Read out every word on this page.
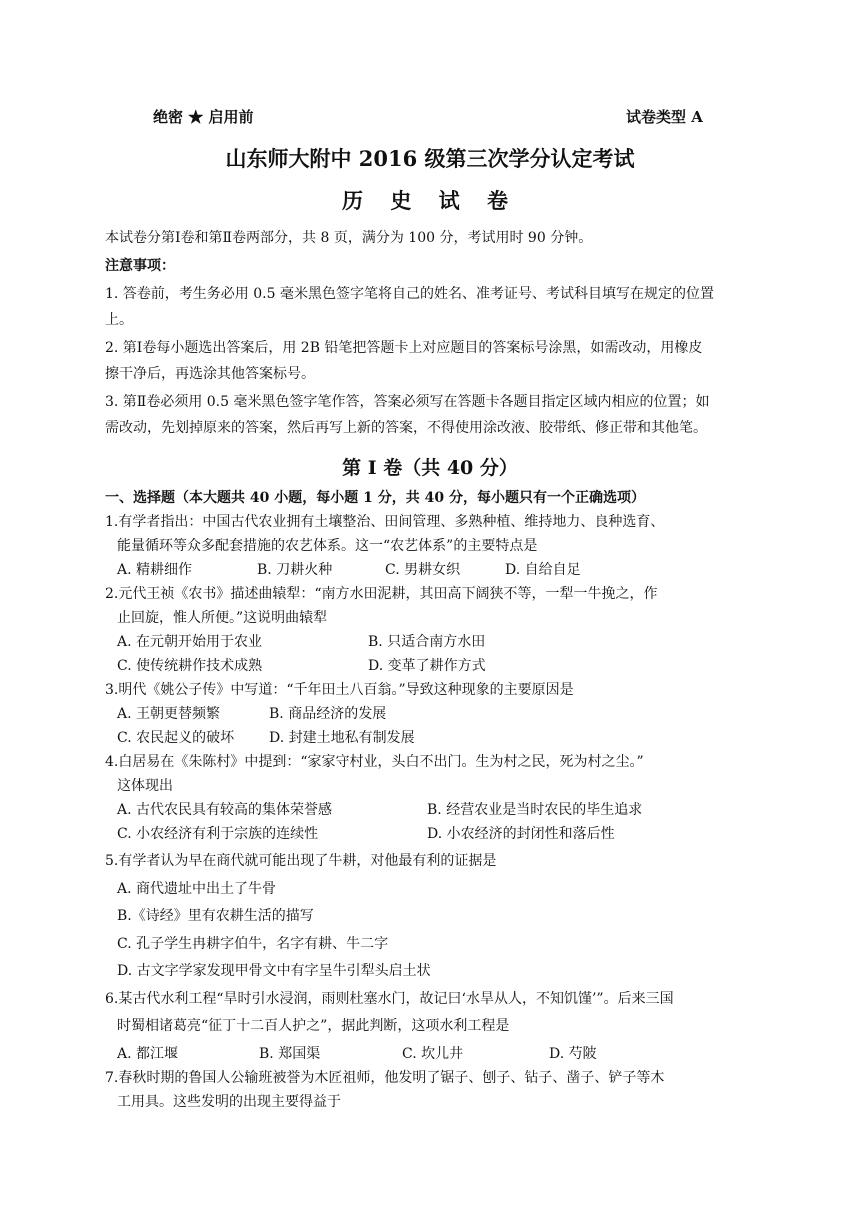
绝密 ★ 启用前	试卷类型 A
山东师大附中 2016 级第三次学分认定考试
历 史 试 卷
本试卷分第Ⅰ卷和第Ⅱ卷两部分，共 8 页，满分为 100 分，考试用时 90 分钟。
注意事项：
1. 答卷前，考生务必用 0.5 毫米黑色签字笔将自己的姓名、准考证号、考试科目填写在规定的位置
上。
2. 第Ⅰ卷每小题选出答案后，用 2B 铅笔把答题卡上对应题目的答案标号涂黑，如需改动，用橡皮
擦干净后，再选涂其他答案标号。
3. 第Ⅱ卷必须用 0.5 毫米黑色签字笔作答，答案必须写在答题卡各题目指定区域内相应的位置；如
需改动，先划掉原来的答案，然后再写上新的答案，不得使用涂改液、胶带纸、修正带和其他笔。
第 I 卷（共 40 分）
一、选择题（本大题共 40 小题，每小题 1 分，共 40 分，每小题只有一个正确选项）
1.有学者指出：中国古代农业拥有土壤整治、田间管理、多熟种植、维持地力、良种选育、
能量循环等众多配套措施的农艺体系。这一“农艺体系”的主要特点是
A. 精耕细作	B. 刀耕火种	C. 男耕女织	D. 自给自足
2.元代王祯《农书》描述曲辕犁：“南方水田泥耕，其田高下阔狭不等，一犁一牛挽之，作
止回旋，惟人所便。”这说明曲辕犁
A. 在元朝开始用于农业	B. 只适合南方水田
C. 使传统耕作技术成熟	D. 变革了耕作方式
3.明代《姚公子传》中写道：“千年田土八百翁。”导致这种现象的主要原因是
A. 王朝更替频繁	B. 商品经济的发展
C. 农民起义的破坏 D. 封建土地私有制发展
4.白居易在《朱陈村》中提到：“家家守村业，头白不出门。生为村之民，死为村之尘。”
这体现出
A. 古代农民具有较高的集体荣誉感	B. 经营农业是当时农民的毕生追求
C. 小农经济有利于宗族的连续性	D. 小农经济的封闭性和落后性
5.有学者认为早在商代就可能出现了牛耕，对他最有利的证据是
A. 商代遗址中出土了牛骨
B.《诗经》里有农耕生活的描写
C. 孔子学生冉耕字伯牛，名字有耕、牛二字
D. 古文字学家发现甲骨文中有字呈牛引犁头启土状
6.某古代水利工程“旱时引水浸润，雨则杜塞水门，故记曰‘水旱从人，不知饥馑’”。后来三国
时蜀相诸葛亮“征丁十二百人护之”，据此判断，这项水利工程是
A. 都江堰	B. 郑国渠	C. 坎儿井	D. 芍陂
7.春秋时期的鲁国人公输班被誉为木匠祖师，他发明了锯子、刨子、钻子、凿子、铲子等木
工用具。这些发明的出现主要得益于
